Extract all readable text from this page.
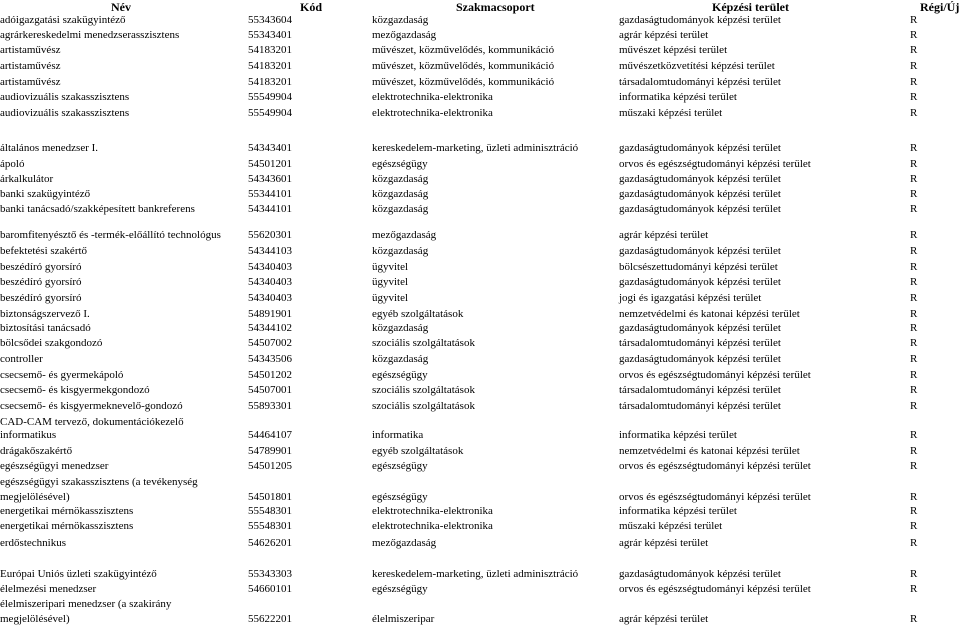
Név	Kód	Szakmacsoport	Képzési terület	Régi/Új
adóigazgatási szakügyintéző	55343604	közgazdaság	gazdaságtudományok képzési terület	R
agrárkereskedelmi menedzserasszisztens	55343401	mezőgazdaság	agrár képzési terület	R
artistaművész	54183201	művészet, közművelődés, kommunikáció	művészet képzési terület	R
artistaművész	54183201	művészet, közművelődés, kommunikáció	művészetközvetítési képzési terület	R
artistaművész	54183201	művészet, közművelődés, kommunikáció	társadalomtudományi képzési terület	R
audiovizuális szakasszisztens	55549904	elektrotechnika-elektronika	informatika képzési terület	R
audiovizuális szakasszisztens	55549904	elektrotechnika-elektronika	műszaki képzési terület	R
általános menedzser I.	54343401	kereskedelem-marketing, üzleti adminisztráció	gazdaságtudományok képzési terület	R
ápoló	54501201	egészségügy	orvos és egészségtudományi képzési terület	R
árkalkulátor	54343601	közgazdaság	gazdaságtudományok képzési terület	R
banki szakügyintéző	55344101	közgazdaság	gazdaságtudományok képzési terület	R
banki tanácsadó/szakképesített bankreferens	54344101	közgazdaság	gazdaságtudományok képzési terület	R
baromfitenyésztő és -termék-előállító technológus 55620301	mezőgazdaság	agrár képzési terület	R
befektetési szakértő	54344103	közgazdaság	gazdaságtudományok képzési terület	R
beszédíró gyorsíró	54340403	ügyvitel	bölcsészettudományi képzési terület	R
beszédíró gyorsíró	54340403	ügyvitel	gazdaságtudományok képzési terület	R
beszédíró gyorsíró	54340403	ügyvitel	jogi és igazgatási képzési terület	R
biztonságszervező I.	54891901	egyéb szolgáltatások	nemzetvédelmi és katonai képzési terület	R
biztosítási tanácsadó	54344102	közgazdaság	gazdaságtudományok képzési terület	R
bölcsődei szakgondozó	54507002	szociális szolgáltatások	társadalomtudományi képzési terület	R
controller	54343506	közgazdaság	gazdaságtudományok képzési terület	R
csecsemő- és gyermekápoló	54501202	egészségügy	orvos és egészségtudományi képzési terület	R
csecsemő- és kisgyermekgondozó	54507001	szociális szolgáltatások	társadalomtudományi képzési terület	R
csecsemő- és kisgyermeknevelő-gondozó	55893301	szociális szolgáltatások	társadalomtudományi képzési terület	R
CAD-CAM tervező, dokumentációkezelő
informatikus	54464107	informatika	informatika képzési terület	R
drágakőszakértő	54789901	egyéb szolgáltatások	nemzetvédelmi és katonai képzési terület	R
egészségügyi menedzser	54501205	egészségügy	orvos és egészségtudományi képzési terület	R
egészségügyi szakasszisztens (a tevékenység
megjelölésével)	54501801	egészségügy	orvos és egészségtudományi képzési terület	R
energetikai mérnökasszisztens	55548301	elektrotechnika-elektronika	informatika képzési terület	R
energetikai mérnökasszisztens	55548301	elektrotechnika-elektronika	műszaki képzési terület	R
erdőstechnikus	54626201	mezőgazdaság	agrár képzési terület	R
Európai Uniós üzleti szakügyintéző	55343303	kereskedelem-marketing, üzleti adminisztráció	gazdaságtudományok képzési terület	R
élelmezési menedzser	54660101	egészségügy	orvos és egészségtudományi képzési terület	R
élelmiszeripari menedzser (a szakirány
megjelölésével)	55622201	élelmiszeripar	agrár képzési terület	R
